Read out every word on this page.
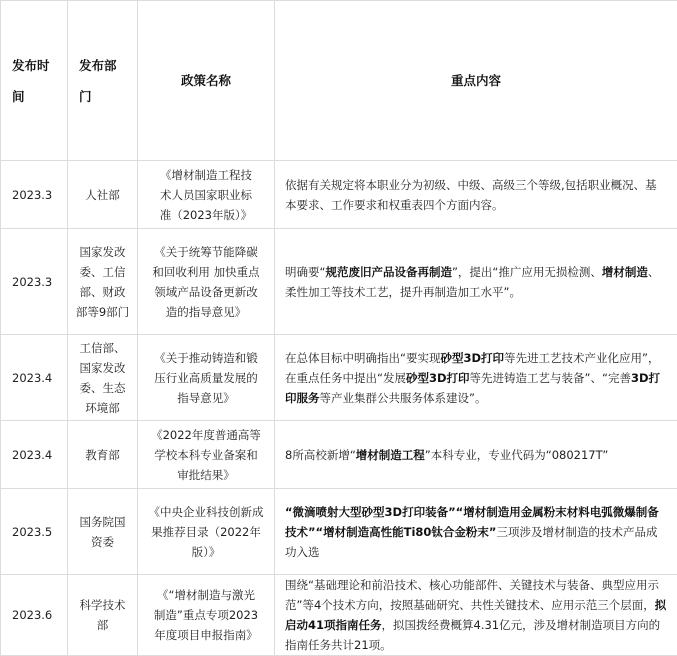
发布时间	发布部门	政策名称	重点内容
2023.3	人社部	《增材制造工程技术人员国家职业标准（2023年版）》	依据有关规定将本职业分为初级、中级、高级三个等级,包括职业概况、基本要求、工作要求和权重表四个方面内容。
2023.3	国家发改委、工信部、财政部等9部门	《关于统筹节能降碳和回收利用 加快重点领域产品设备更新改造的指导意见》	明确要“规范废旧产品设备再制造”，提出“推广应用无损检测、增材制造、柔性加工等技术工艺，提升再制造加工水平”。
2023.4	工信部、国家发改委、生态环境部	《关于推动铸造和锻压行业高质量发展的指导意见》	在总体目标中明确指出“要实现砂型3D打印等先进工艺技术产业化应用”，在重点任务中提出“发展砂型3D打印等先进铸造工艺与装备”、“完善3D打印服务等产业集群公共服务体系建设”。
2023.4	教育部	《2022年度普通高等学校本科专业备案和审批结果》	8所高校新增“增材制造工程”本科专业，专业代码为“080217T”
2023.5	国务院国资委	《中央企业科技创新成果推荐目录（2022年版）》	“微滴喷射大型砂型3D打印装备”“增材制造用金属粉末材料电弧微爆制备技术”“增材制造高性能Ti80钛合金粉末”三项涉及增材制造的技术产品成功入选
2023.6	科学技术部	《“增材制造与激光制造”重点专项2023年度项目申报指南》	围绕“基础理论和前沿技术、核心功能部件、关键技术与装备、典型应用示范”等4个技术方向，按照基础研究、共性关键技术、应用示范三个层面，拟启动41项指南任务，拟国拨经费概算4.31亿元，涉及增材制造项目方向的指南任务共计21项。
